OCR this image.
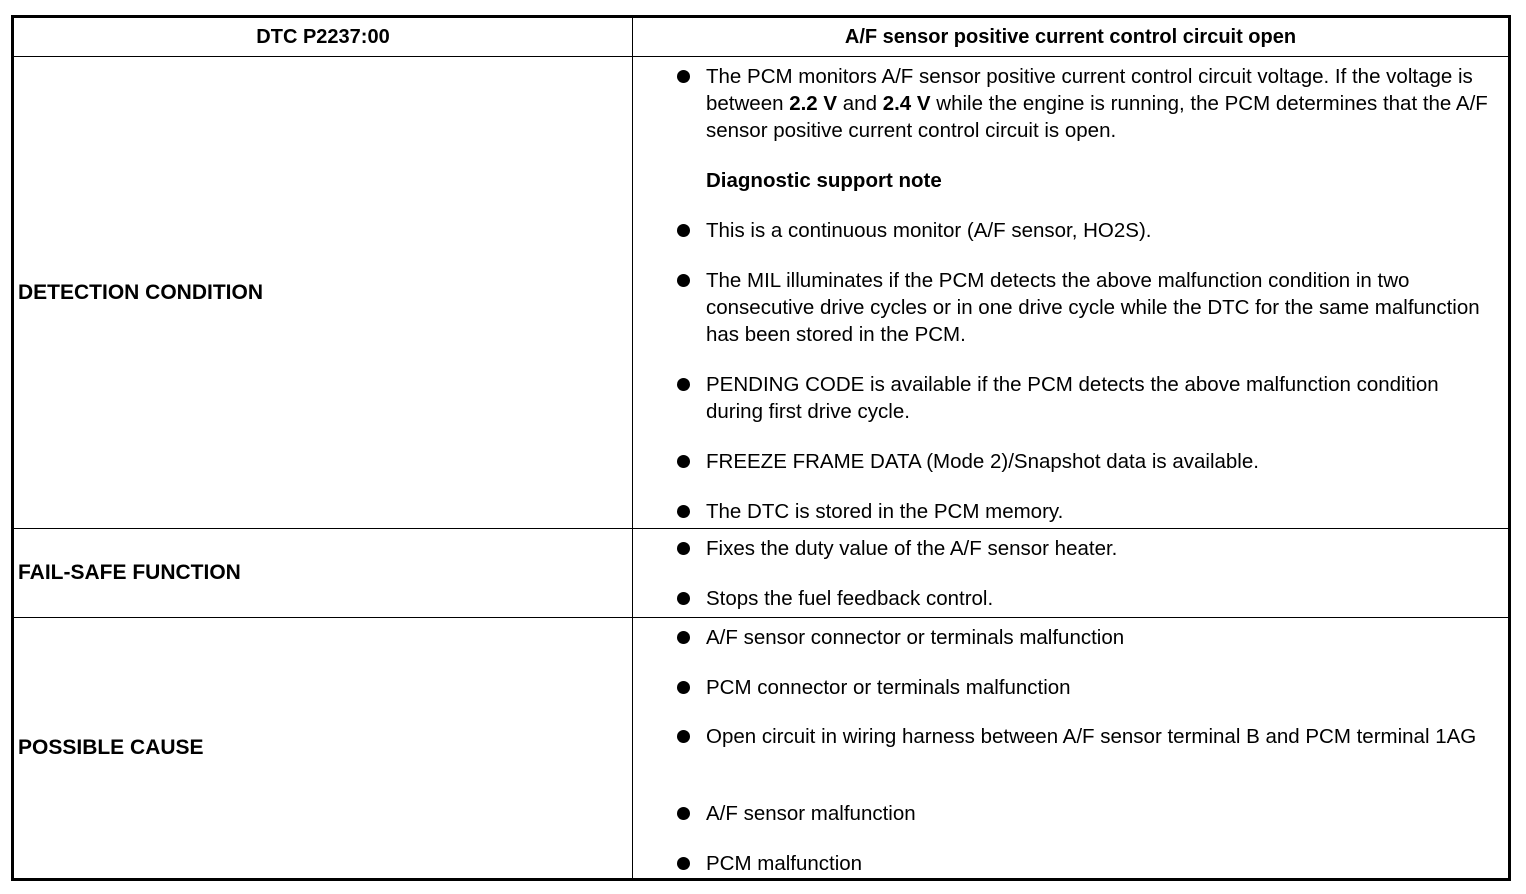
DTC P2237:00	A/F sensor positive current control circuit open
DETECTION CONDITION
The PCM monitors A/F sensor positive current control circuit voltage. If the voltage is between 2.2 V and 2.4 V while the engine is running, the PCM determines that the A/F sensor positive current control circuit is open.
Diagnostic support note
This is a continuous monitor (A/F sensor, HO2S).
The MIL illuminates if the PCM detects the above malfunction condition in two consecutive drive cycles or in one drive cycle while the DTC for the same malfunction has been stored in the PCM.
PENDING CODE is available if the PCM detects the above malfunction condition during first drive cycle.
FREEZE FRAME DATA (Mode 2)/Snapshot data is available.
The DTC is stored in the PCM memory.
FAIL-SAFE FUNCTION
Fixes the duty value of the A/F sensor heater.
Stops the fuel feedback control.
POSSIBLE CAUSE
A/F sensor connector or terminals malfunction
PCM connector or terminals malfunction
Open circuit in wiring harness between A/F sensor terminal B and PCM terminal 1AG
A/F sensor malfunction
PCM malfunction
